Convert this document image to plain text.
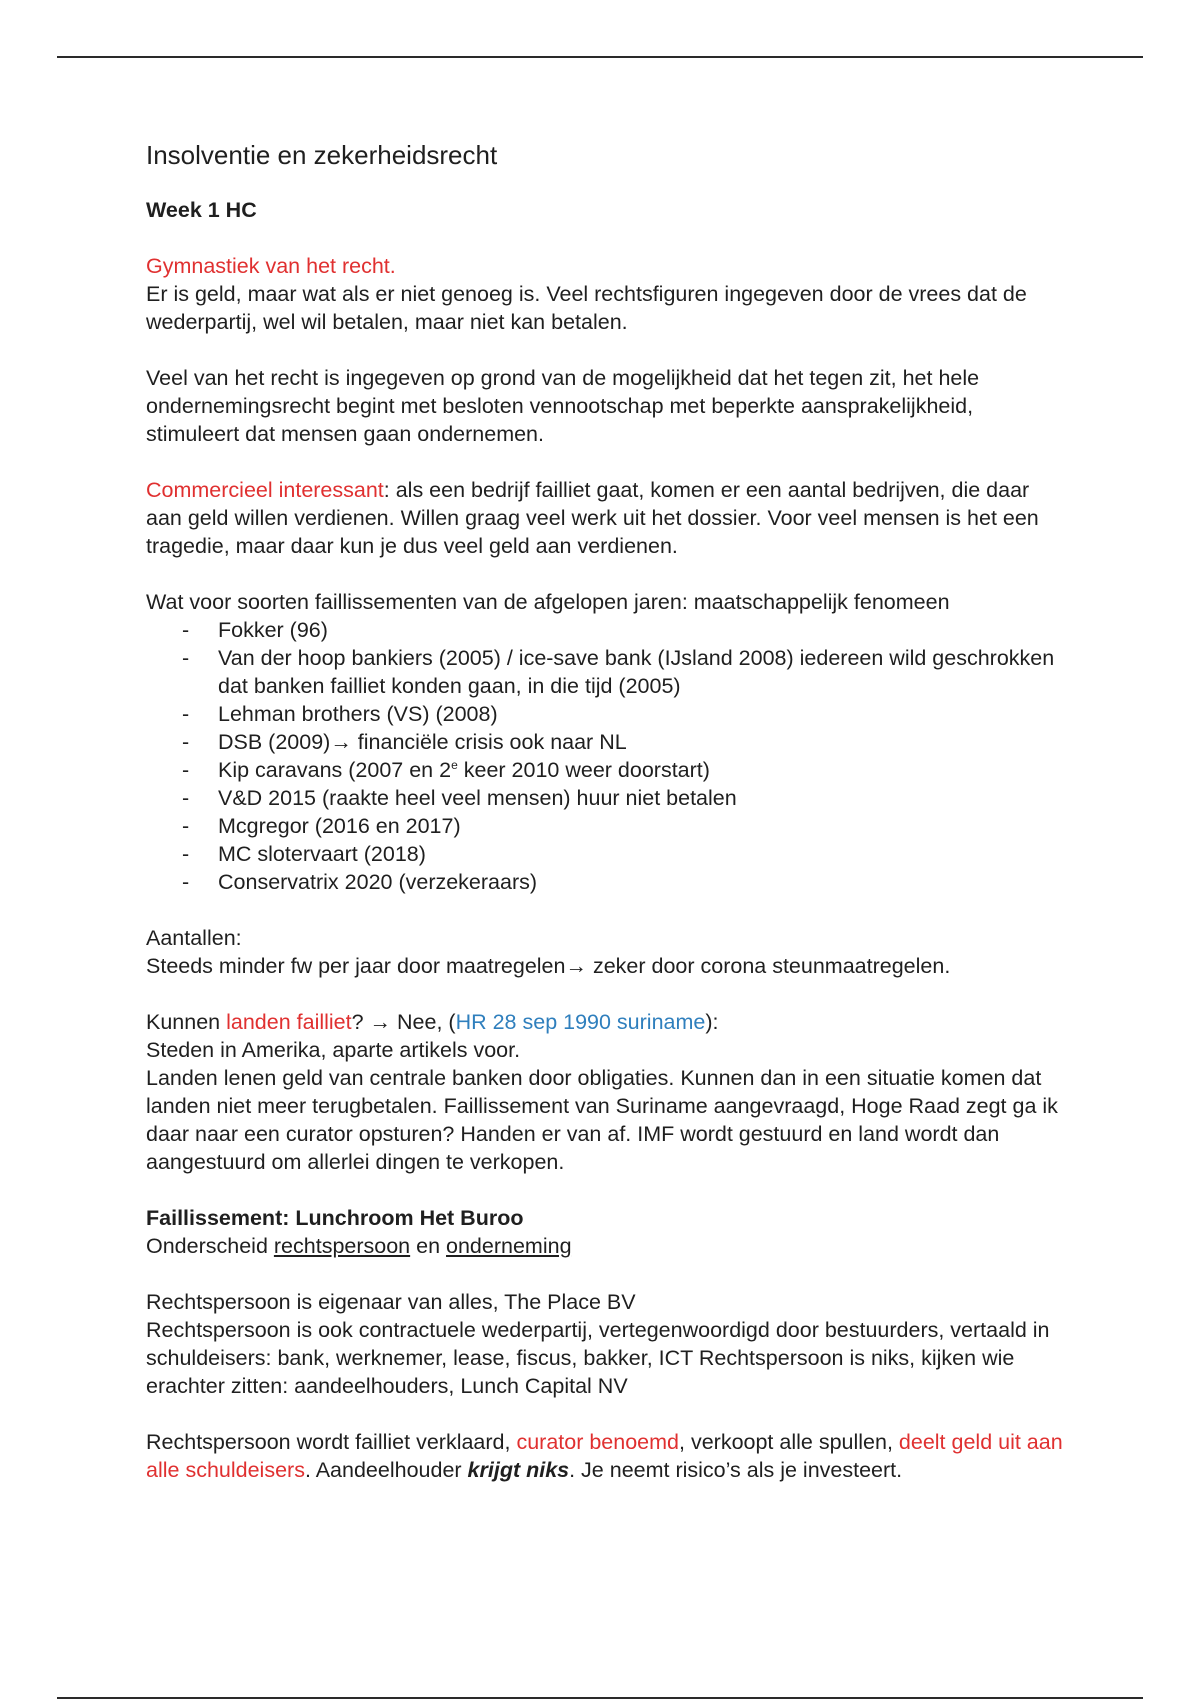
Insolventie en zekerheidsrecht
Week 1 HC

Gymnastiek van het recht.
Er is geld, maar wat als er niet genoeg is. Veel rechtsfiguren ingegeven door de vrees dat de wederpartij, wel wil betalen, maar niet kan betalen.

Veel van het recht is ingegeven op grond van de mogelijkheid dat het tegen zit, het hele ondernemingsrecht begint met besloten vennootschap met beperkte aansprakelijkheid, stimuleert dat mensen gaan ondernemen.

Commercieel interessant: als een bedrijf failliet gaat, komen er een aantal bedrijven, die daar aan geld willen verdienen. Willen graag veel werk uit het dossier. Voor veel mensen is het een tragedie, maar daar kun je dus veel geld aan verdienen.

Wat voor soorten faillissementen van de afgelopen jaren: maatschappelijk fenomeen
- Fokker (96)
- Van der hoop bankiers (2005) / ice-save bank (IJsland 2008) iedereen wild geschrokken dat banken failliet konden gaan, in die tijd (2005)
- Lehman brothers (VS) (2008)
- DSB (2009)→ financiële crisis ook naar NL
- Kip caravans (2007 en 2e keer 2010 weer doorstart)
- V&D 2015 (raakte heel veel mensen) huur niet betalen
- Mcgregor (2016 en 2017)
- MC slotervaart (2018)
- Conservatrix 2020 (verzekeraars)

Aantallen:
Steeds minder fw per jaar door maatregelen→ zeker door corona steunmaatregelen.

Kunnen landen failliet? → Nee, (HR 28 sep 1990 suriname):
Steden in Amerika, aparte artikels voor.
Landen lenen geld van centrale banken door obligaties. Kunnen dan in een situatie komen dat landen niet meer terugbetalen. Faillissement van Suriname aangevraagd, Hoge Raad zegt ga ik daar naar een curator opsturen? Handen er van af. IMF wordt gestuurd en land wordt dan aangestuurd om allerlei dingen te verkopen.

Faillissement: Lunchroom Het Buroo
Onderscheid rechtspersoon en onderneming

Rechtspersoon is eigenaar van alles, The Place BV
Rechtspersoon is ook contractuele wederpartij, vertegenwoordigd door bestuurders, vertaald in schuldeisers: bank, werknemer, lease, fiscus, bakker, ICT Rechtspersoon is niks, kijken wie erachter zitten: aandeelhouders, Lunch Capital NV

Rechtspersoon wordt failliet verklaard, curator benoemd, verkoopt alle spullen, deelt geld uit aan alle schuldeisers. Aandeelhouder krijgt niks. Je neemt risico’s als je investeert.
